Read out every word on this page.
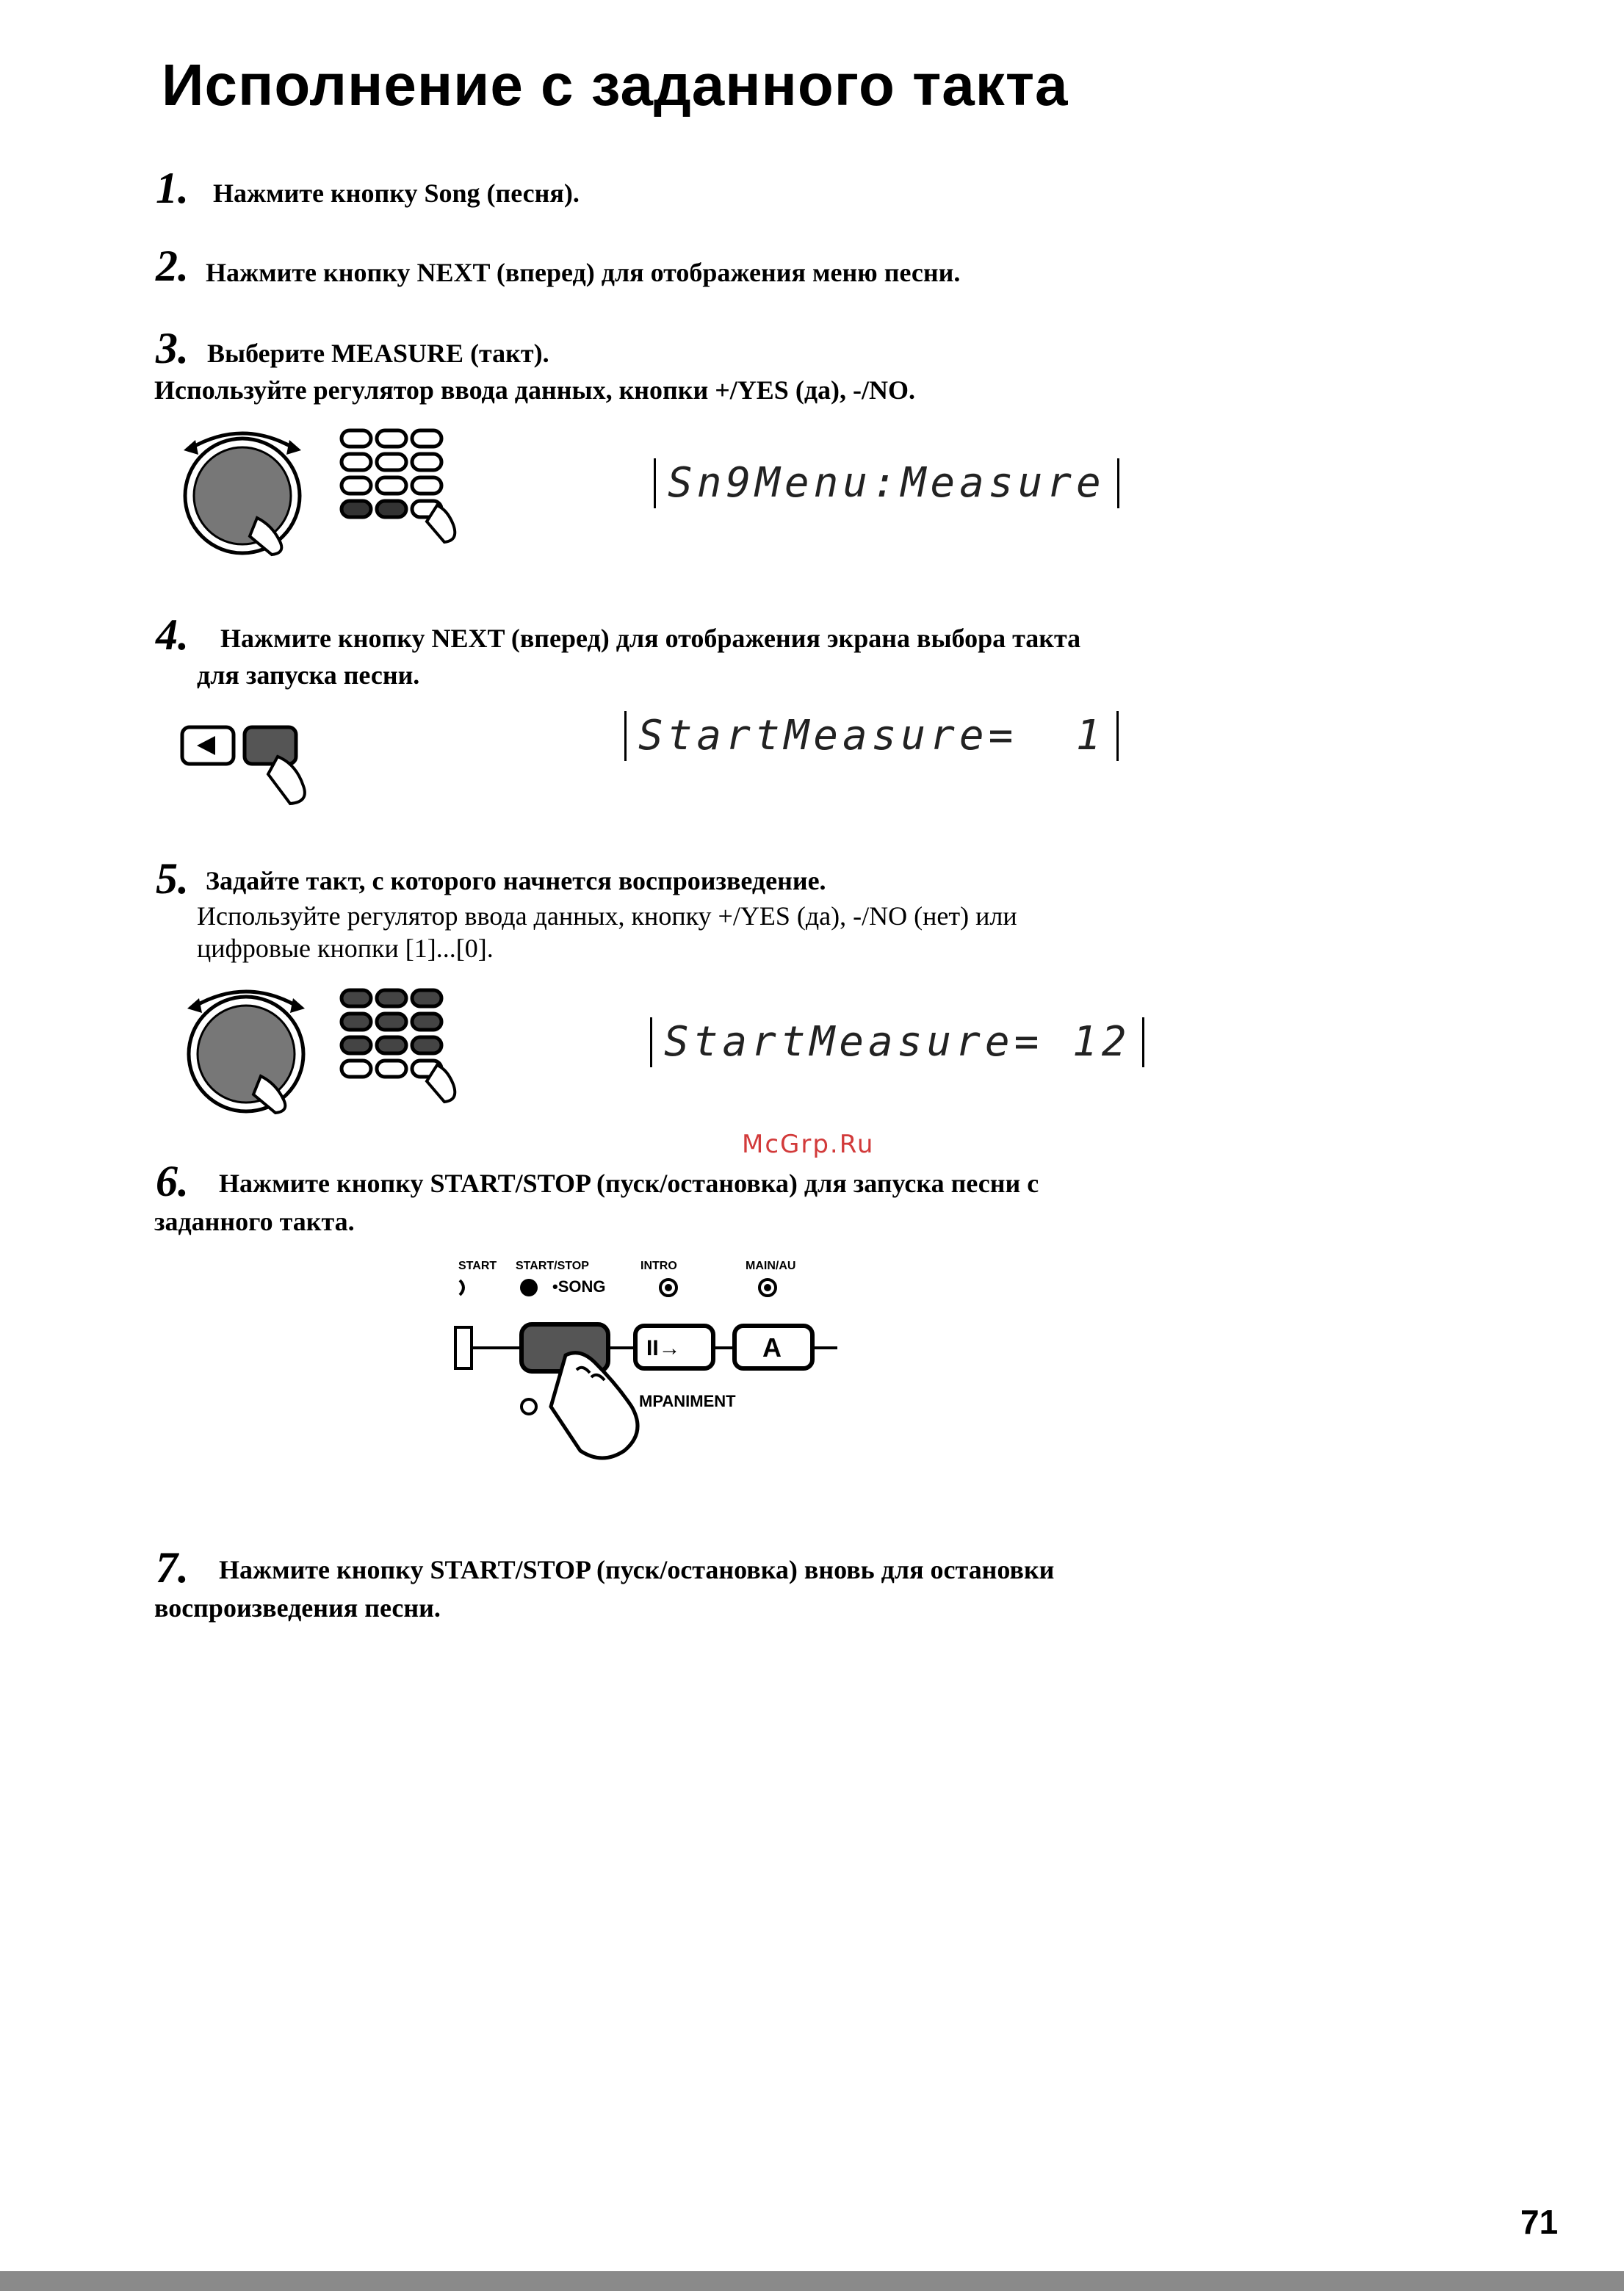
Исполнение с заданного такта
1. Нажмите кнопку Song (песня).
2. Нажмите кнопку NEXT (вперед) для отображения меню песни.
3. Выберите MEASURE (такт).
Используйте регулятор ввода данных, кнопки +/YES (да), -/NO.
Sn9Menu:Measure
4. Нажмите кнопку NEXT (вперед) для отображения экрана выбора такта
для запуска песни.
StartMeasure=  1
5. Задайте такт, с которого начнется воспроизведение.
Используйте регулятор ввода данных, кнопку +/YES (да), -/NO (нет) или
цифровые кнопки [1]...[0].
StartMeasure= 12
McGrp.Ru
6. Нажмите кнопку START/STOP (пуск/остановка) для запуска песни с
заданного такта.
START START/STOP	INTRO	MAIN/AU
•SONG
II→	A
MPANIMENT
7. Нажмите кнопку START/STOP (пуск/остановка) вновь для остановки
воспроизведения песни.
71
